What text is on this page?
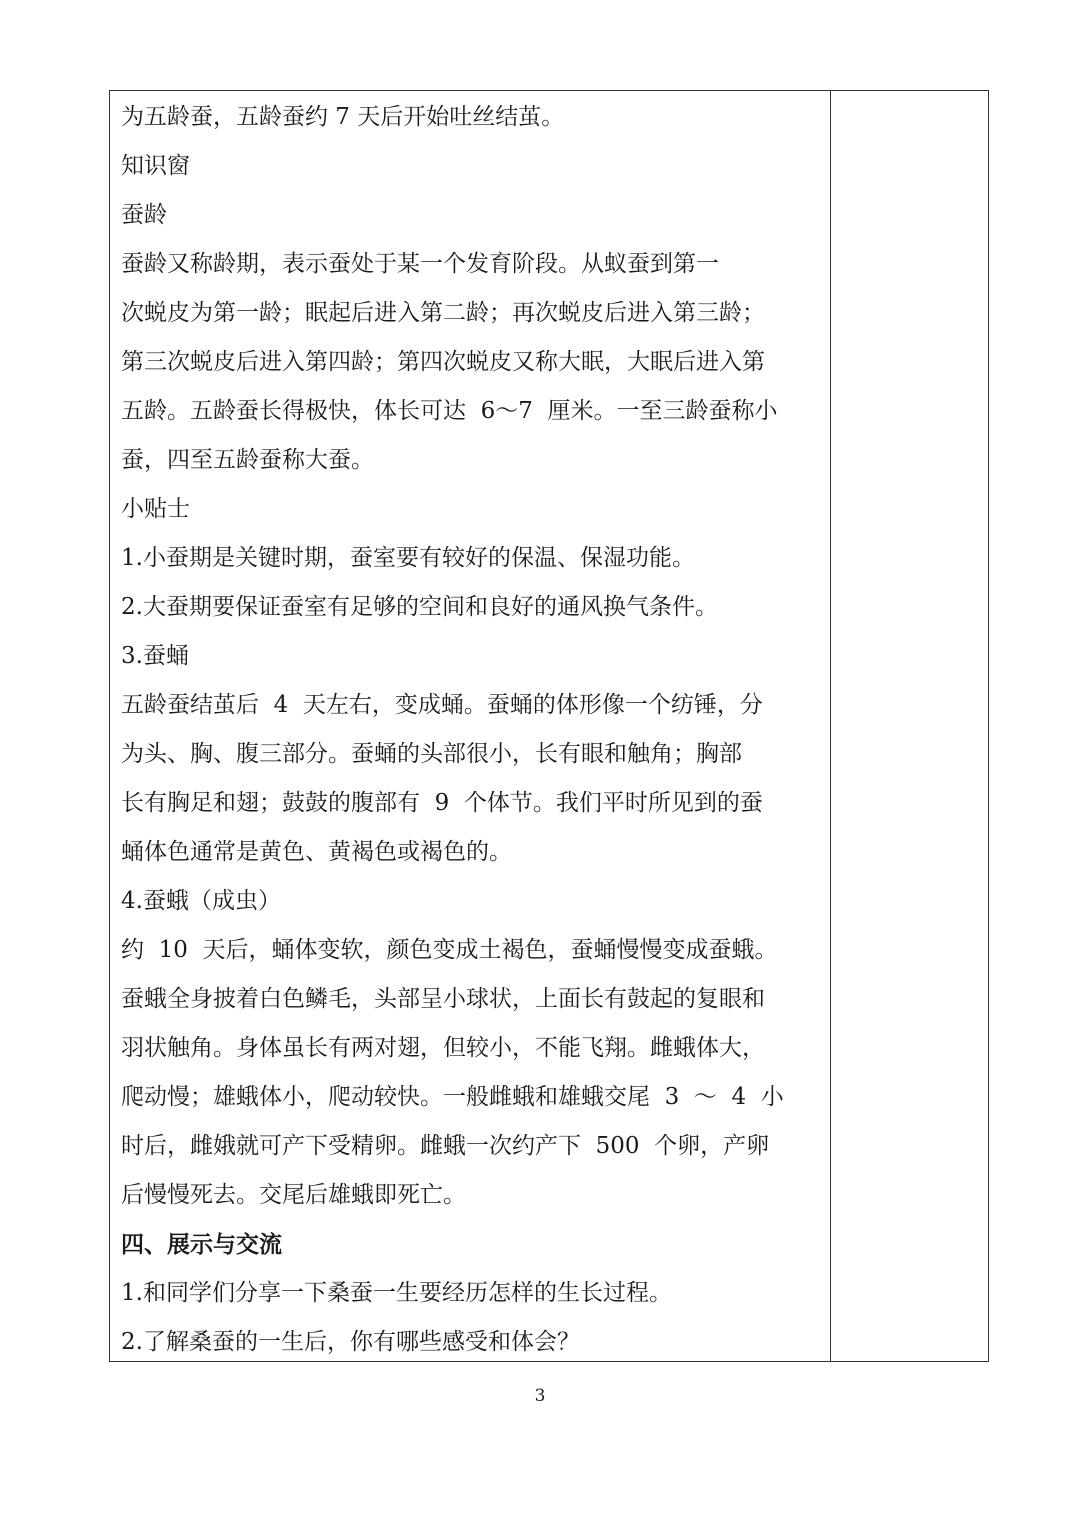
为五龄蚕，五龄蚕约 7 天后开始吐丝结茧。
知识窗
蚕龄
蚕龄又称龄期，表示蚕处于某一个发育阶段。从蚁蚕到第一
次蜕皮为第一龄；眠起后进入第二龄；再次蜕皮后进入第三龄；
第三次蜕皮后进入第四龄；第四次蜕皮又称大眠，大眠后进入第
五龄。五龄蚕长得极快，体长可达  6～7  厘米。一至三龄蚕称小
蚕，四至五龄蚕称大蚕。
小贴士
1.小蚕期是关键时期，蚕室要有较好的保温、保湿功能。
2.大蚕期要保证蚕室有足够的空间和良好的通风换气条件。
3.蚕蛹
五龄蚕结茧后  4  天左右，变成蛹。蚕蛹的体形像一个纺锤，分
为头、胸、腹三部分。蚕蛹的头部很小，长有眼和触角；胸部
长有胸足和翅；鼓鼓的腹部有  9  个体节。我们平时所见到的蚕
蛹体色通常是黄色、黄褐色或褐色的。
4.蚕蛾（成虫）
约  10  天后，蛹体变软，颜色变成土褐色，蚕蛹慢慢变成蚕蛾。
蚕蛾全身披着白色鳞毛，头部呈小球状，上面长有鼓起的复眼和
羽状触角。身体虽长有两对翅，但较小，不能飞翔。雌蛾体大，
爬动慢；雄蛾体小，爬动较快。一般雌蛾和雄蛾交尾  3  ～  4  小
时后，雌娥就可产下受精卵。雌蛾一次约产下  500  个卵，产卵
后慢慢死去。交尾后雄蛾即死亡。
四、展示与交流
1.和同学们分享一下桑蚕一生要经历怎样的生长过程。
2.了解桑蚕的一生后，你有哪些感受和体会？
3
